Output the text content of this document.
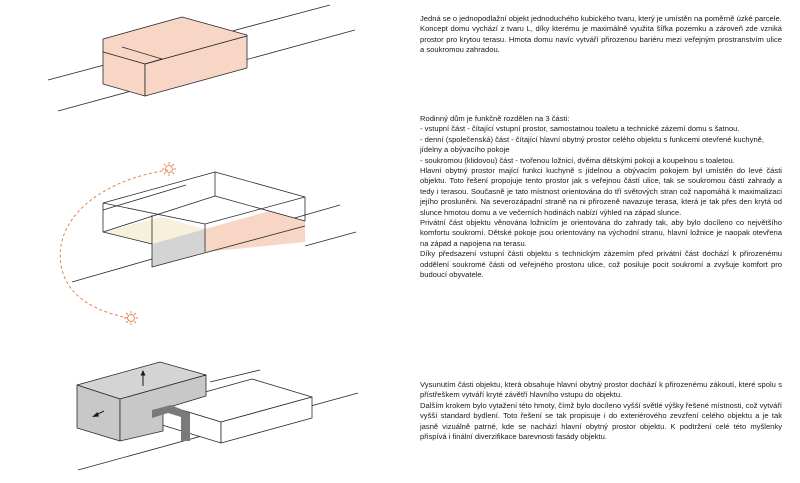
Jedná se o jednopodlažní objekt jednoduchého kubického tvaru, který je umístěn na poměrně úzké parcele.

Koncept domu vychází z tvaru L, díky kterému je maximálně využita šířka pozemku a zároveň zde vzniká prostor pro krytou terasu. Hmota domu navíc vytváří přirozenou bariéru mezi veřejným prostranstvím ulice a soukromou zahradou.

Rodinný dům je funkčně rozdělen na 3 části:

- vstupní část - čítající vstupní prostor, samostatnou toaletu a technické zázemí domu s šatnou.

- denní (společenská) část - čítající hlavní obytný prostor celého objektu s funkcemi otevřené kuchyně, jídelny a obývacího pokoje

- soukromou (klidovou) část - tvořenou ložnicí, dvěma dětskými pokoji a koupelnou s toaletou.

Hlavní obytný prostor mající funkci kuchyně s jídelnou a obývacím pokojem byl umístěn do levé části objektu. Toto řešení propojuje tento prostor jak s veřejnou částí ulice, tak se soukromou částí zahrady a tedy i terasou. Současně je tato místnost orientována do tří světových stran což napomáhá k maximalizaci jejího prosluněni. Na severozápadní straně na ni přirozeně navazuje terasa, která je tak přes den krytá od slunce hmotou domu a ve večerních hodinách nabízí výhled na západ slunce.

Privátní část objektu věnována ložnicím je orientována do zahrady tak, aby bylo docíleno co největšího komfortu soukromí. Dětské pokoje jsou orientovány na východní stranu, hlavní ložnice je naopak otevřena na západ a napojena na terasu.

Díky předsazení vstupní části objektu s technickým zázemím před privátní část dochází k přirozenému oddělení soukromé části od veřejného prostoru ulice, což posiluje pocit soukromí a zvyšuje komfort pro budoucí obyvatele.

Vysunutím části objektu, která obsahuje hlavní obytný prostor dochází k přirozenému zákoutí, které spolu s přístřeškem vytváří kryté závětří hlavního vstupu do objektu.

Dalším krokem bylo vytažení této hmoty, čímž bylo docíleno vyšší světlé výšky řešené místnosti, což vytváří vyšší standard bydlení. Toto řešení se tak propisuje i do exteriérového zevzření celého objektu a je tak jasně vizuálně patrné, kde se nachází hlavní obytný prostor objektu. K podtržení celé této myšlenky přispívá i finální diverzifikace barevnosti fasády objektu.
